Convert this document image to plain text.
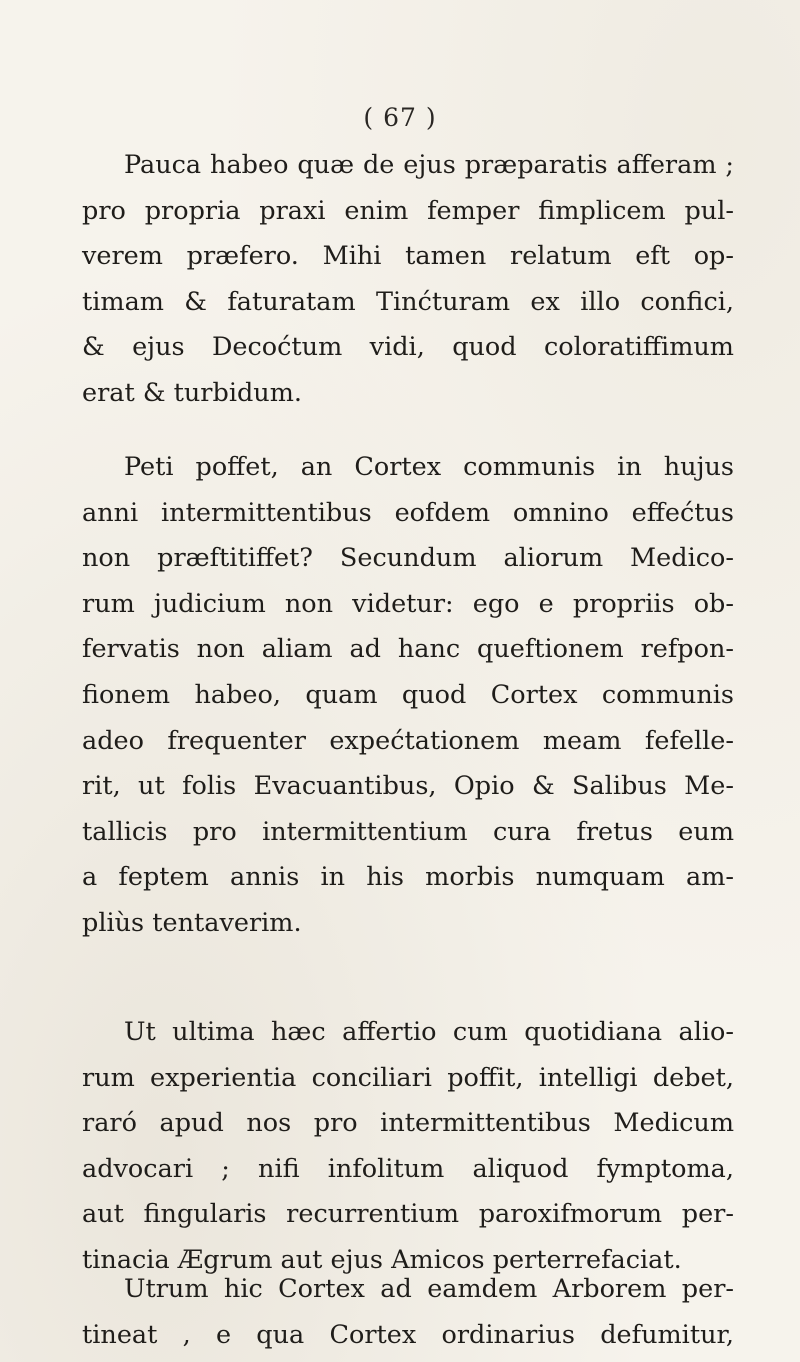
( 67 )
Pauca habeo quæ de ejus præparatis afferam ;
pro propria praxi enim femper fimplicem pul-
verem præfero. Mihi tamen relatum eft op-
timam & faturatam Tinćturam ex illo confici,
& ejus Decoćtum vidi, quod coloratiffimum
erat & turbidum.
Peti poffet, an Cortex communis in hujus
anni intermittentibus eofdem omnino effećtus
non præftitiffet? Secundum aliorum Medico-
rum judicium non videtur: ego e propriis ob-
fervatis non aliam ad hanc queftionem refpon-
fionem habeo, quam quod Cortex communis
adeo frequenter expećtationem meam fefelle-
rit, ut folis Evacuantibus, Opio & Salibus Me-
tallicis pro intermittentium cura fretus eum
a feptem annis in his morbis numquam am-
pliùs tentaverim.
Ut ultima hæc affertio cum quotidiana alio-
rum experientia conciliari poffit, intelligi debet,
raró apud nos pro intermittentibus Medicum
advocari ; nifi infolitum aliquod fymptoma,
aut fingularis recurrentium paroxifmorum per-
tinacia Ægrum aut ejus Amicos perterrefaciat.
Utrum hic Cortex ad eamdem Arborem per-
tineat , e qua Cortex ordinarius defumitur,
